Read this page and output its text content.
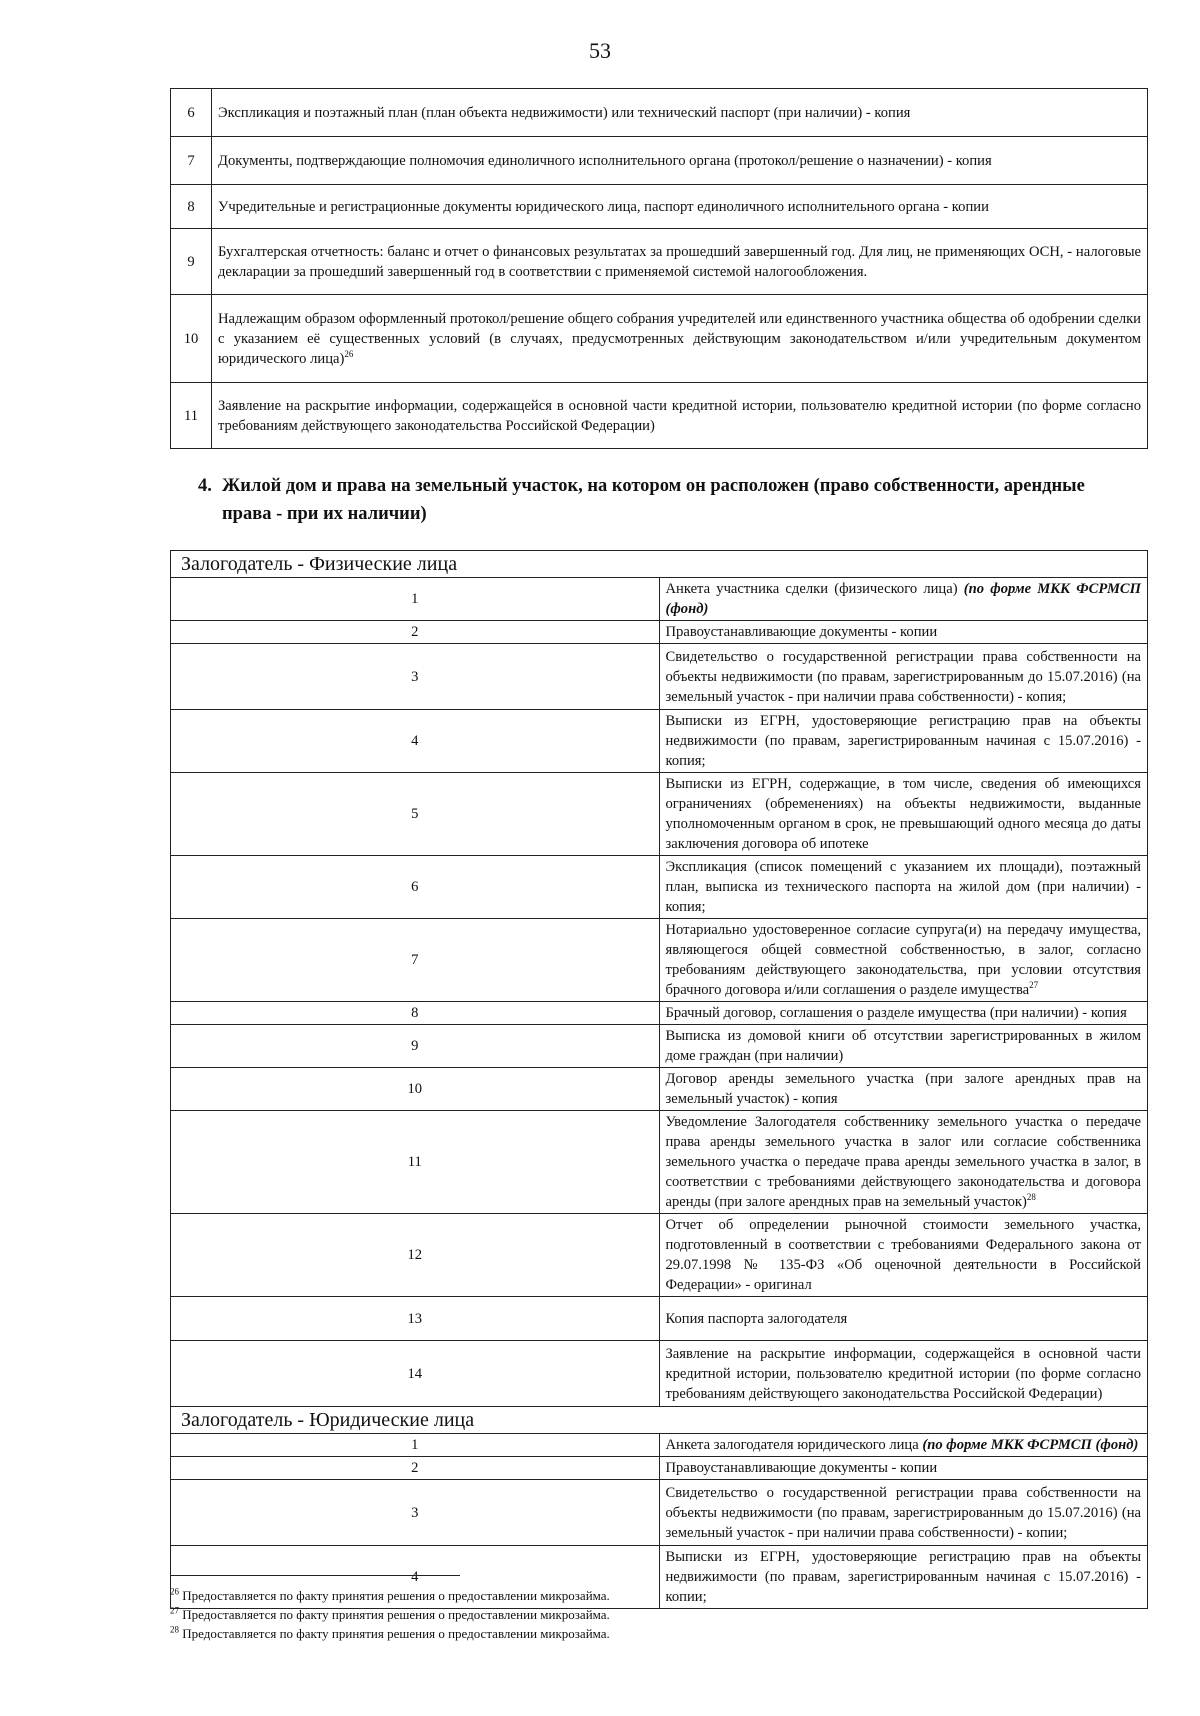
53
6	Экспликация и поэтажный план (план объекта недвижимости) или технический паспорт (при наличии) - копия
7	Документы, подтверждающие полномочия единоличного исполнительного органа (протокол/решение о назначении) - копия
8	Учредительные и регистрационные документы юридического лица, паспорт единоличного исполнительного органа - копии
9	Бухгалтерская отчетность: баланс и отчет о финансовых результатах за прошедший завершенный год. Для лиц, не применяющих ОСН, - налоговые декларации за прошедший завершенный год в соответствии с применяемой системой налогообложения.
10	Надлежащим образом оформленный протокол/решение общего собрания учредителей или единственного участника общества об одобрении сделки с указанием её существенных условий (в случаях, предусмотренных действующим законодательством и/или учредительным документом юридического лица)$^{26}$
11	Заявление на раскрытие информации, содержащейся в основной части кредитной истории, пользователю кредитной истории (по форме согласно требованиям действующего законодательства Российской Федерации)
4. Жилой дом и права на земельный участок, на котором он расположен (право собственности, арендные права - при их наличии)
Залогодатель - Физические лица	
1	Анкета участника сделки (физического лица) (по форме МКК ФСРМСП (фонд)
2	Правоустанавливающие документы - копии
3	Свидетельство о государственной регистрации права собственности на объекты недвижимости (по правам, зарегистрированным до 15.07.2016) (на земельный участок - при наличии права собственности) - копия;
4	Выписки из ЕГРН, удостоверяющие регистрацию прав на объекты недвижимости (по правам, зарегистрированным начиная с 15.07.2016) - копия;
5	Выписки из ЕГРН, содержащие, в том числе, сведения об имеющихся ограничениях (обременениях) на объекты недвижимости, выданные уполномоченным органом в срок, не превышающий одного месяца до даты заключения договора об ипотеке
6	Экспликация (список помещений с указанием их площади), поэтажный план, выписка из технического паспорта на жилой дом (при наличии) - копия;
7	Нотариально удостоверенное согласие супруга(и) на передачу имущества, являющегося общей совместной собственностью, в залог, согласно требованиям действующего законодательства, при условии отсутствия брачного договора и/или соглашения о разделе имущества$^{27}$
8	Брачный договор, соглашения о разделе имущества (при наличии) - копия
9	Выписка из домовой книги об отсутствии зарегистрированных в жилом доме граждан (при наличии)
10	Договор аренды земельного участка (при залоге арендных прав на земельный участок) - копия
11	Уведомление Залогодателя собственнику земельного участка о передаче права аренды земельного участка в залог или согласие собственника земельного участка о передаче права аренды земельного участка в залог, в соответствии с требованиями действующего законодательства и договора аренды (при залоге арендных прав на земельный участок)$^{28}$
12	Отчет об определении рыночной стоимости земельного участка, подготовленный в соответствии с требованиями Федерального закона от 29.07.1998 № 135-ФЗ «Об оценочной деятельности в Российской Федерации» - оригинал
13	Копия паспорта залогодателя
14	Заявление на раскрытие информации, содержащейся в основной части кредитной истории, пользователю кредитной истории (по форме согласно требованиям действующего законодательства Российской Федерации)
Залогодатель - Юридические лица	
1	Анкета залогодателя юридического лица (по форме МКК ФСРМСП (фонд)
2	Правоустанавливающие документы - копии
3	Свидетельство о государственной регистрации права собственности на объекты недвижимости (по правам, зарегистрированным до 15.07.2016) (на земельный участок - при наличии права собственности) - копии;
4	Выписки из ЕГРН, удостоверяющие регистрацию прав на объекты недвижимости (по правам, зарегистрированным начиная с 15.07.2016) - копии;
$^{26}$ Предоставляется по факту принятия решения о предоставлении микрозайма.
$^{27}$ Предоставляется по факту принятия решения о предоставлении микрозайма.
$^{28}$ Предоставляется по факту принятия решения о предоставлении микрозайма.
